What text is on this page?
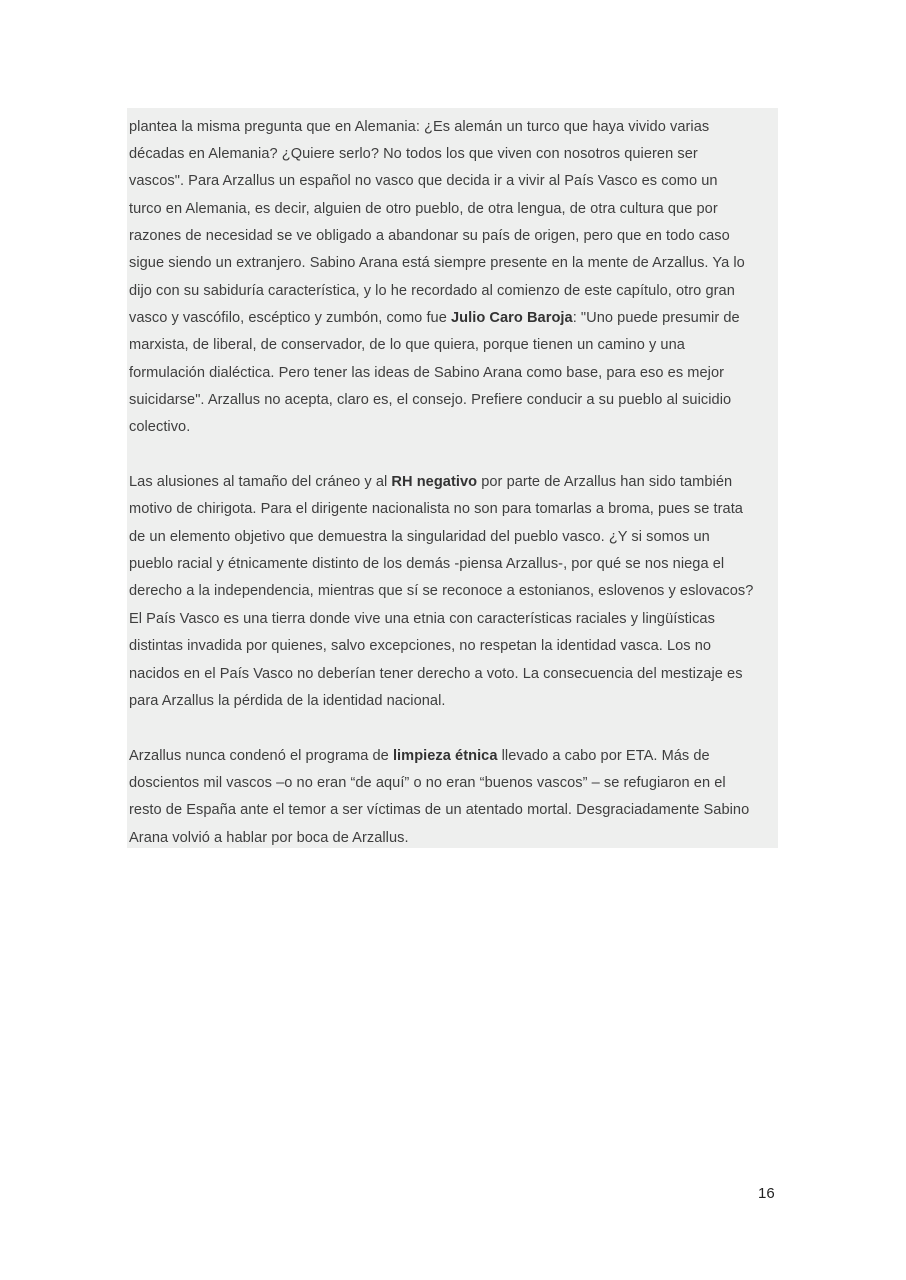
plantea la misma pregunta que en Alemania: ¿Es alemán un turco que haya vivido varias
décadas en Alemania? ¿Quiere serlo? No todos los que viven con nosotros quieren ser
vascos". Para Arzallus un español no vasco que decida ir a vivir al País Vasco es como un
turco en Alemania, es decir, alguien de otro pueblo, de otra lengua, de otra cultura que por
razones de necesidad se ve obligado a abandonar su país de origen, pero que en todo caso
sigue siendo un extranjero. Sabino Arana está siempre presente en la mente de Arzallus. Ya lo
dijo con su sabiduría característica, y lo he recordado al comienzo de este capítulo, otro gran
vasco y vascófilo, escéptico y zumbón, como fue Julio Caro Baroja: "Uno puede presumir de
marxista, de liberal, de conservador, de lo que quiera, porque tienen un camino y una
formulación dialéctica. Pero tener las ideas de Sabino Arana como base, para eso es mejor
suicidarse". Arzallus no acepta, claro es, el consejo. Prefiere conducir a su pueblo al suicidio
colectivo.
Las alusiones al tamaño del cráneo y al RH negativo por parte de Arzallus han sido también
motivo de chirigota. Para el dirigente nacionalista no son para tomarlas a broma, pues se trata
de un elemento objetivo que demuestra la singularidad del pueblo vasco. ¿Y si somos un
pueblo racial y étnicamente distinto de los demás -piensa Arzallus-, por qué se nos niega el
derecho a la independencia, mientras que sí se reconoce a estonianos, eslovenos y eslovacos?
El País Vasco es una tierra donde vive una etnia con características raciales y lingüísticas
distintas invadida por quienes, salvo excepciones, no respetan la identidad vasca. Los no
nacidos en el País Vasco no deberían tener derecho a voto. La consecuencia del mestizaje es
para Arzallus la pérdida de la identidad nacional.
Arzallus nunca condenó el programa de limpieza étnica llevado a cabo por ETA. Más de
doscientos mil vascos –o no eran “de aquí” o no eran “buenos vascos” – se refugiaron en el
resto de España ante el temor a ser víctimas de un atentado mortal. Desgraciadamente Sabino
Arana volvió a hablar por boca de Arzallus.
16
